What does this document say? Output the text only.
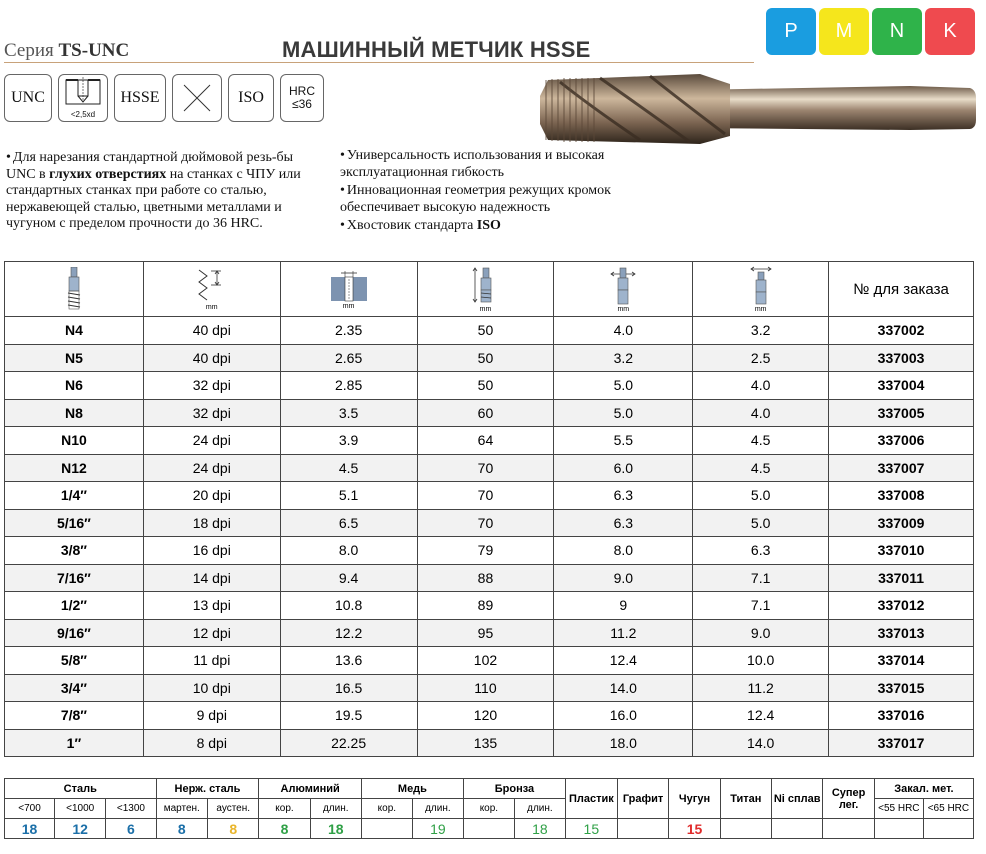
Серия TS-UNC	МАШИННЫЙ МЕТЧИК HSSE
P	M	N	K
UNC
<2,5xd
HSSE	ISO	HRC
≤36
• Для нарезания стандартной дюймовой резь-бы UNC в глухих отверстиях на станках с ЧПУ или стандартных станках при работе со сталью, нержавеющей сталью, цветными металлами и чугуном с пределом прочности до 36 HRC.
• Универсальность использования и высокая эксплуатационная гибкость
• Инновационная геометрия режущих кромок обеспечивает высокую надежность
• Хвостовик стандарта ISO

mm	mm	mm	mm	mm	№ для заказа
N4	40 dpi	2.35	50	4.0	3.2	337002
N5	40 dpi	2.65	50	3.2	2.5	337003
N6	32 dpi	2.85	50	5.0	4.0	337004
N8	32 dpi	3.5	60	5.0	4.0	337005
N10	24 dpi	3.9	64	5.5	4.5	337006
N12	24 dpi	4.5	70	6.0	4.5	337007
1/4″	20 dpi	5.1	70	6.3	5.0	337008
5/16″	18 dpi	6.5	70	6.3	5.0	337009
3/8″	16 dpi	8.0	79	8.0	6.3	337010
7/16″	14 dpi	9.4	88	9.0	7.1	337011
1/2″	13 dpi	10.8	89	9	7.1	337012
9/16″	12 dpi	12.2	95	11.2	9.0	337013
5/8″	11 dpi	13.6	102	12.4	10.0	337014
3/4″	10 dpi	16.5	110	14.0	11.2	337015
7/8″	9 dpi	19.5	120	16.0	12.4	337016
1″	8 dpi	22.25	135	18.0	14.0	337017
Сталь			Нерж. сталь		Алюминий		Медь		Бронза		Пластик	Графит	Чугун	Титан	Ni сплав	Супер лег.	Закал. мет.	
<700	<1000	<1300	мартен.	аустен.	кор.	длин.	кор.	длин.	кор.	длин.							<55 HRC	<65 HRC
18	12	6	8	8	8	18		19		18	15		15					
